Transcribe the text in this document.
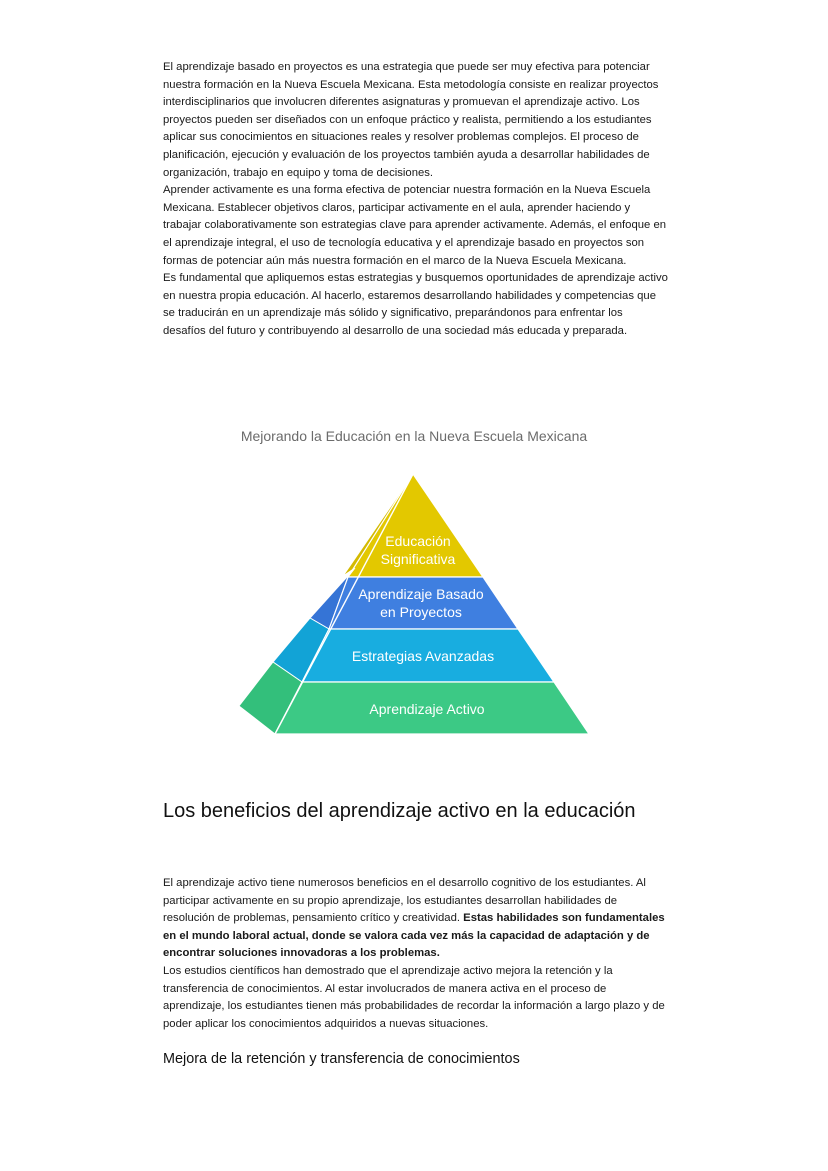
El aprendizaje basado en proyectos es una estrategia que puede ser muy efectiva para potenciar nuestra formación en la Nueva Escuela Mexicana. Esta metodología consiste en realizar proyectos interdisciplinarios que involucren diferentes asignaturas y promuevan el aprendizaje activo. Los proyectos pueden ser diseñados con un enfoque práctico y realista, permitiendo a los estudiantes aplicar sus conocimientos en situaciones reales y resolver problemas complejos. El proceso de planificación, ejecución y evaluación de los proyectos también ayuda a desarrollar habilidades de organización, trabajo en equipo y toma de decisiones.

Aprender activamente es una forma efectiva de potenciar nuestra formación en la Nueva Escuela Mexicana. Establecer objetivos claros, participar activamente en el aula, aprender haciendo y trabajar colaborativamente son estrategias clave para aprender activamente. Además, el enfoque en el aprendizaje integral, el uso de tecnología educativa y el aprendizaje basado en proyectos son formas de potenciar aún más nuestra formación en el marco de la Nueva Escuela Mexicana.

Es fundamental que apliquemos estas estrategias y busquemos oportunidades de aprendizaje activo en nuestra propia educación. Al hacerlo, estaremos desarrollando habilidades y competencias que se traducirán en un aprendizaje más sólido y significativo, preparándonos para enfrentar los desafíos del futuro y contribuyendo al desarrollo de una sociedad más educada y preparada.

Mejorando la Educación en la Nueva Escuela Mexicana

Educación
Significativa
Aprendizaje Basado
en Proyectos
Estrategias Avanzadas
Aprendizaje Activo
Los beneficios del aprendizaje activo en la educación

El aprendizaje activo tiene numerosos beneficios en el desarrollo cognitivo de los estudiantes. Al participar activamente en su propio aprendizaje, los estudiantes desarrollan habilidades de resolución de problemas, pensamiento crítico y creatividad. Estas habilidades son fundamentales en el mundo laboral actual, donde se valora cada vez más la capacidad de adaptación y de encontrar soluciones innovadoras a los problemas.

Los estudios científicos han demostrado que el aprendizaje activo mejora la retención y la transferencia de conocimientos. Al estar involucrados de manera activa en el proceso de aprendizaje, los estudiantes tienen más probabilidades de recordar la información a largo plazo y de poder aplicar los conocimientos adquiridos a nuevas situaciones.

Mejora de la retención y transferencia de conocimientos
